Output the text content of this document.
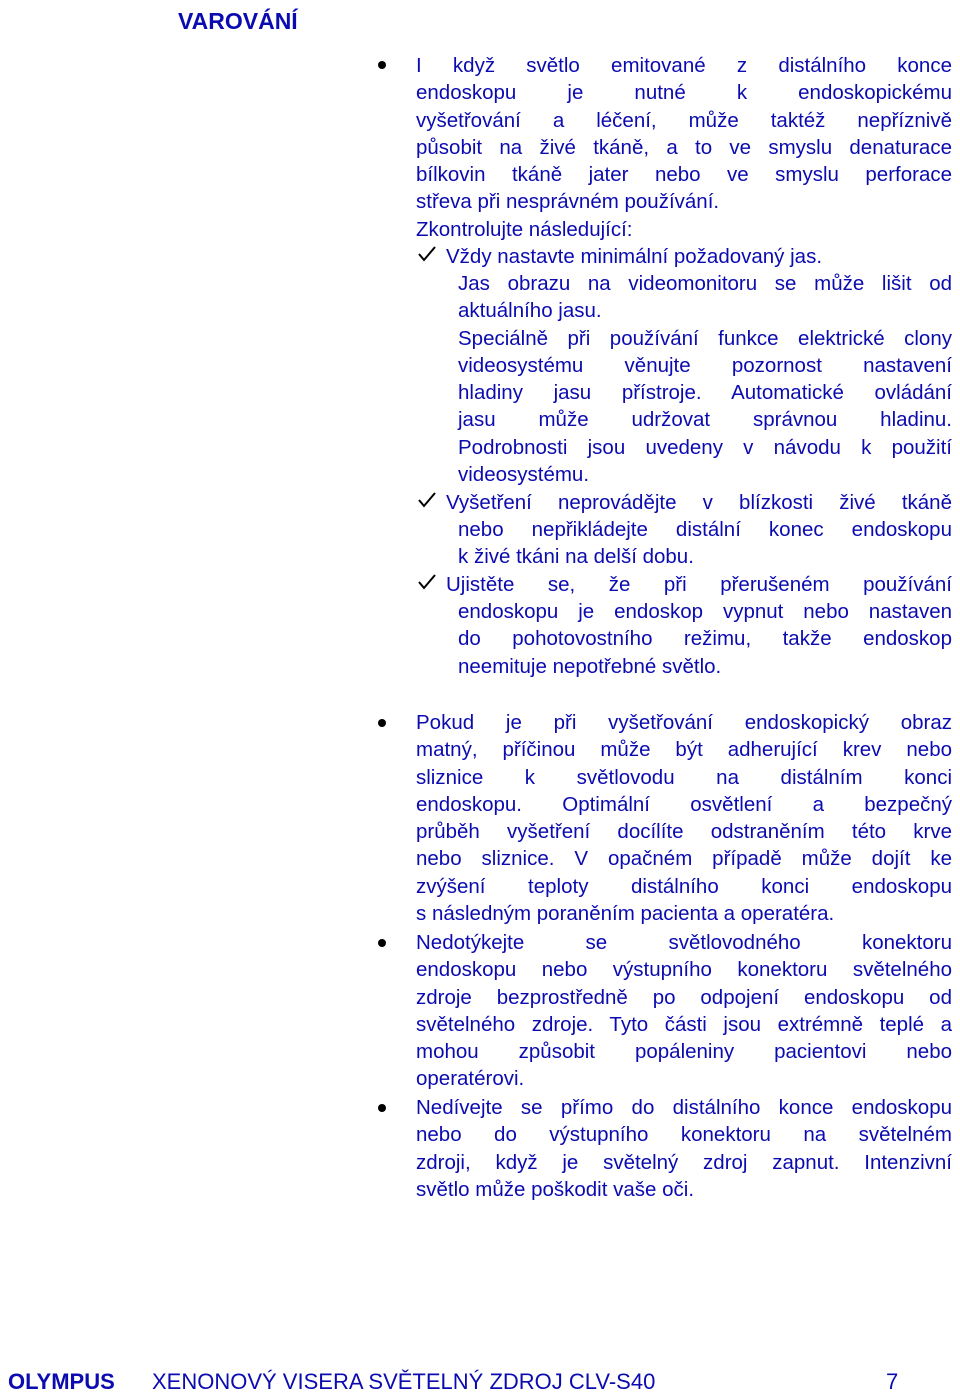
VAROVÁNÍ
I když světlo emitované z distálního konce
endoskopu je nutné k endoskopickému
vyšetřování a léčení, může taktéž nepříznivě
působit na živé tkáně, a to ve smyslu denaturace
bílkovin tkáně jater nebo ve smyslu perforace
střeva při nesprávném používání.
Zkontrolujte následující:
Vždy nastavte minimální požadovaný jas.
Jas obrazu na videomonitoru se může lišit od
aktuálního jasu.
Speciálně při používání funkce elektrické clony
videosystému věnujte pozornost nastavení
hladiny jasu přístroje. Automatické ovládání
jasu může udržovat správnou hladinu.
Podrobnosti jsou uvedeny v návodu k použití
videosystému.
Vyšetření neprovádějte v blízkosti živé tkáně
nebo nepřikládejte distální konec endoskopu
k živé tkáni na delší dobu.
Ujistěte se, že při přerušeném používání
endoskopu je endoskop vypnut nebo nastaven
do pohotovostního režimu, takže endoskop
neemituje nepotřebné světlo.
Pokud je při vyšetřování endoskopický obraz
matný, příčinou může být adherující krev nebo
sliznice k světlovodu na distálním konci
endoskopu. Optimální osvětlení a bezpečný
průběh vyšetření docílíte odstraněním této krve
nebo sliznice. V opačném případě může dojít ke
zvýšení teploty distálního konci endoskopu
s následným poraněním pacienta a operatéra.
Nedotýkejte se světlovodného konektoru
endoskopu nebo výstupního konektoru světelného
zdroje bezprostředně po odpojení endoskopu od
světelného zdroje. Tyto části jsou extrémně teplé a
mohou způsobit popáleniny pacientovi nebo
operatérovi.
Nedívejte se přímo do distálního konce endoskopu
nebo do výstupního konektoru na světelném
zdroji, když je světelný zdroj zapnut. Intenzivní
světlo může poškodit vaše oči.
OLYMPUS XENONOVÝ VISERA SVĚTELNÝ ZDROJ CLV-S40	7
